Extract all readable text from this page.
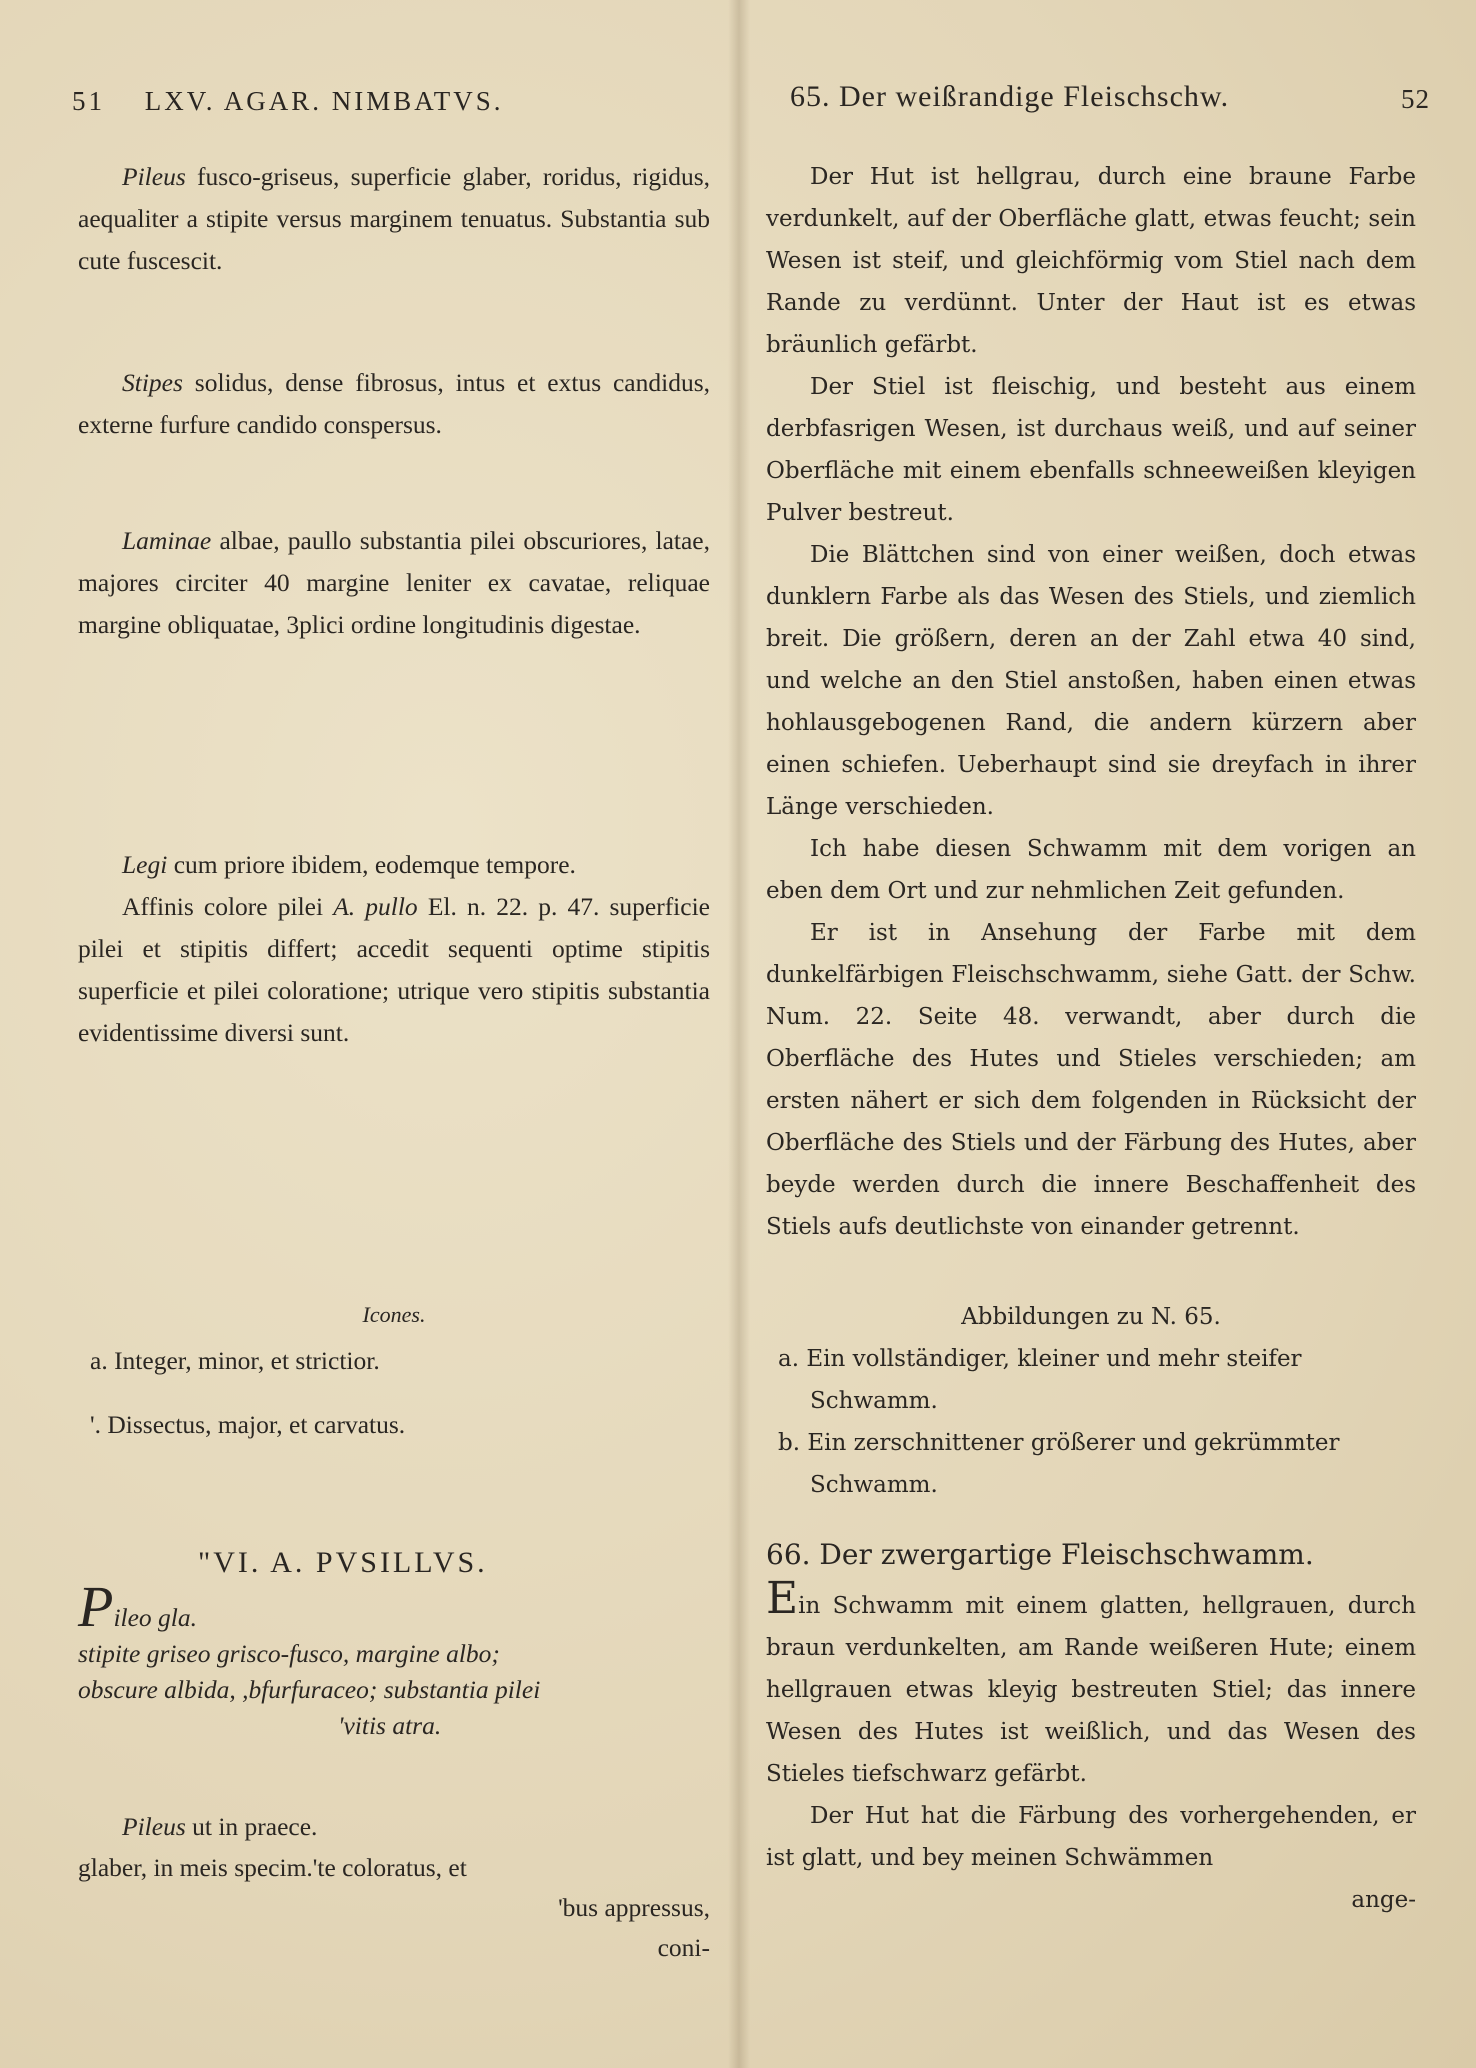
51 LXV. AGAR. NIMBATVS.

Pileus fusco-griseus, superficie glaber, roridus, rigidus, aequaliter a stipite versus marginem tenuatus. Substantia sub cute fuscescit.

Stipes solidus, dense fibrosus, intus et extus candidus, externe furfure candido conspersus.

Laminae albae, paullo substantia pilei obscuriores, latae, majores circiter 40 margine leniter ex cavatae, reliquae margine obliquatae, 3plici ordine longitudinis digestae.

Legi cum priore ibidem, eodemque tempore.

Affinis colore pilei A. pullo El. n. 22. p. 47. superficie pilei et stipitis differt; accedit sequenti optime stipitis superficie et pilei coloratione; utrique vero stipitis substantia evidentissime diversi sunt.

Icones.

a. Integer, minor, et strictior.
'. Dissectus, major, et carvatus.

"VI. A. PVSILLVS.

Pileo gla.
stipite griseo grisco-fusco, margine albo;
obscure albida, ,bfurfuraceo; substantia pilei
'vitis atra.

Pileus ut in praece.

glaber, in meis specim.'te coloratus, et

'bus appressus,

coni-

65. Der weißrandige Fleischschw.	52

Der Hut ist hellgrau, durch eine braune Farbe verdunkelt, auf der Oberfläche glatt, etwas feucht; sein Wesen ist steif, und gleichförmig vom Stiel nach dem Rande zu verdünnt. Unter der Haut ist es etwas bräunlich gefärbt.

Der Stiel ist fleischig, und besteht aus einem derbfasrigen Wesen, ist durchaus weiß, und auf seiner Oberfläche mit einem ebenfalls schneeweißen kleyigen Pulver bestreut.

Die Blättchen sind von einer weißen, doch etwas dunklern Farbe als das Wesen des Stiels, und ziemlich breit. Die größern, deren an der Zahl etwa 40 sind, und welche an den Stiel anstoßen, haben einen etwas hohlausgebogenen Rand, die andern kürzern aber einen schiefen. Ueberhaupt sind sie dreyfach in ihrer Länge verschieden.

Ich habe diesen Schwamm mit dem vorigen an eben dem Ort und zur nehmlichen Zeit gefunden.

Er ist in Ansehung der Farbe mit dem dunkelfärbigen Fleischschwamm, siehe Gatt. der Schw. Num. 22. Seite 48. verwandt, aber durch die Oberfläche des Hutes und Stieles verschieden; am ersten nähert er sich dem folgenden in Rücksicht der Oberfläche des Stiels und der Färbung des Hutes, aber beyde werden durch die innere Beschaffenheit des Stiels aufs deutlichste von einander getrennt.

Abbildungen zu N. 65.

a. Ein vollständiger, kleiner und mehr steifer Schwamm.
b. Ein zerschnittener größerer und gekrümmter Schwamm.

66. Der zwergartige Fleischschwamm.

Ein Schwamm mit einem glatten, hellgrauen, durch braun verdunkelten, am Rande weißeren Hute; einem hellgrauen etwas kleyig bestreuten Stiel; das innere Wesen des Hutes ist weißlich, und das Wesen des Stieles tiefschwarz gefärbt.

Der Hut hat die Färbung des vorhergehenden, er ist glatt, und bey meinen Schwämmen

ange-
